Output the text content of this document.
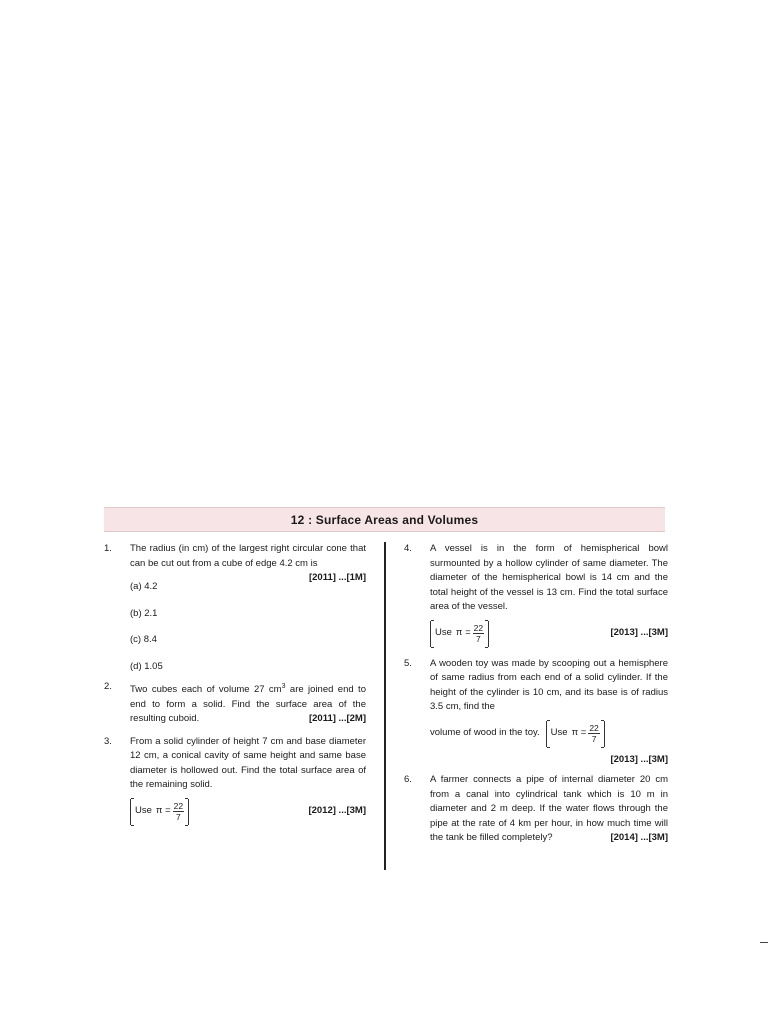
12 : Surface Areas and Volumes
1. The radius (in cm) of the largest right circular cone that can be cut out from a cube of edge 4.2 cm is
[2011] ...[1M]
(a) 4.2
(b) 2.1
(c) 8.4
(d) 1.05
2. Two cubes each of volume 27 $cm^3$ are joined end to end to form a solid. Find the surface area of the resulting cuboid.	[2011] ...[2M]
3. From a solid cylinder of height 7 cm and base diameter 12 cm, a conical cavity of same height and same base diameter is hollowed out. Find the total surface area of the remaining solid.
Use $\pi = \frac{22}{7}$	[2012] ...[3M]
4. A vessel is in the form of hemispherical bowl surmounted by a hollow cylinder of same diameter. The diameter of the hemispherical bowl is 14 cm and the total height of the vessel is 13 cm. Find the total surface area of the vessel.
Use $\pi = \frac{22}{7}$	[2013] ...[3M]
5. A wooden toy was made by scooping out a hemisphere of same radius from each end of a solid cylinder. If the height of the cylinder is 10 cm, and its base is of radius 3.5 cm, find the
volume of wood in the toy. Use $\pi = \frac{22}{7}$
[2013] ...[3M]
6. A farmer connects a pipe of internal diameter 20 cm from a canal into cylindrical tank which is 10 m in diameter and 2 m deep. If the water flows through the pipe at the rate of 4 km per hour, in how much time will the tank be filled completely?	[2014] ...[3M]
